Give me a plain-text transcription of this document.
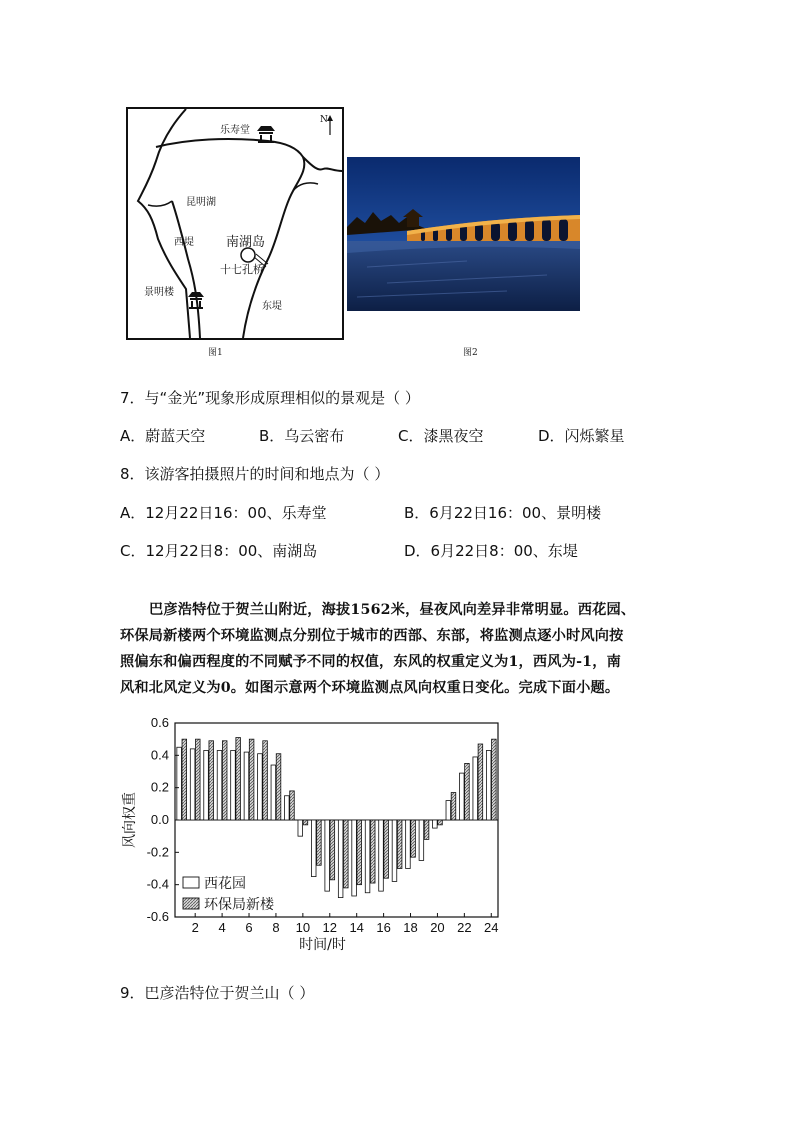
乐寿堂
N
昆明湖
西堤 南湖岛
十七孔桥
景明楼
东堤
图1	图2
7．与“金光”现象形成原理相似的景观是（ ）
A．蔚蓝天空	B．乌云密布	C．漆黑夜空	D．闪烁繁星
8．该游客拍摄照片的时间和地点为（ ）
A．12月22日16：00、乐寿堂	B．6月22日16：00、景明楼
C．12月22日8：00、南湖岛	D．6月22日8：00、东堤
巴彦浩特位于贺兰山附近，海拔1562米，昼夜风向差异非常明显。西花园、
环保局新楼两个环境监测点分别位于城市的西部、东部，将监测点逐小时风向按
照偏东和偏西程度的不同赋予不同的权值，东风的权重定义为1，西风为-1，南
风和北风定义为0。如图示意两个环境监测点风向权重日变化。完成下面小题。
0.6
0.4
0.2
0.0
-0.2
-0.4
-0.6
2 4 6 8 10 12 14 16 18 20 22 24
时间/时
风向权重
西花园
环保局新楼
9．巴彦浩特位于贺兰山（ ）
